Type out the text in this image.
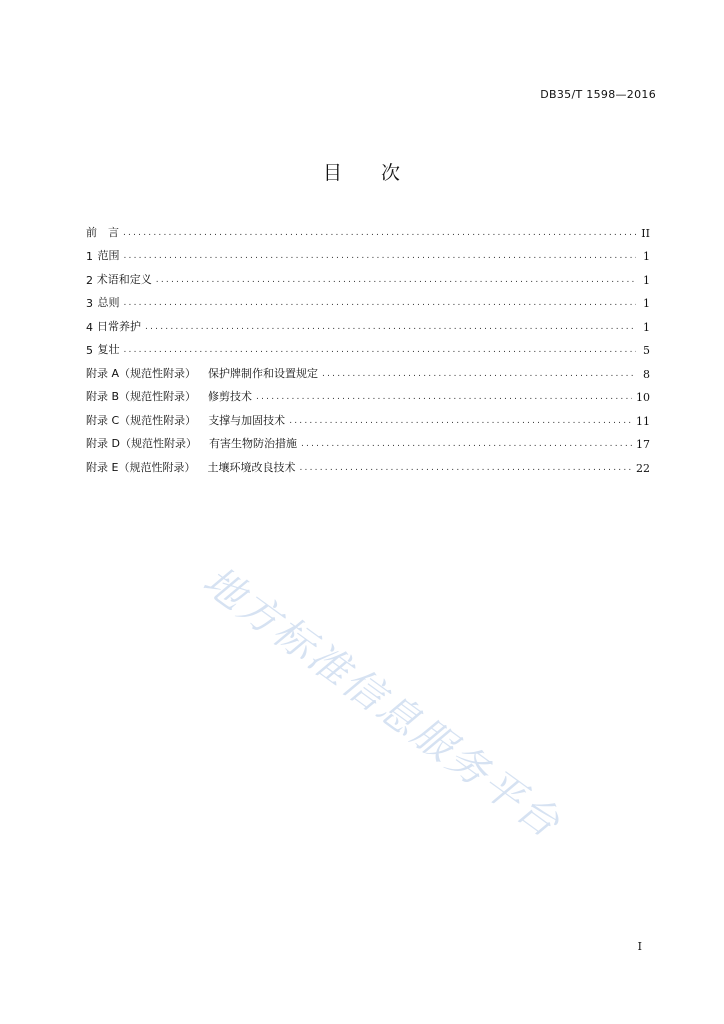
DB35/T 1598—2016
目 次
前　言 .....	II
1 范围 .....	1
2 术语和定义 .....	1
3 总则 .....	1
4 日常养护 .....	1
5 复壮 .....	5
附录 A（规范性附录） 保护牌制作和设置规定 .....	8
附录 B（规范性附录） 修剪技术 .....	10
附录 C（规范性附录） 支撑与加固技术 .....	11
附录 D（规范性附录） 有害生物防治措施 .....	17
附录 E（规范性附录） 土壤环境改良技术 .....	22
地方标准信息服务平台
I
